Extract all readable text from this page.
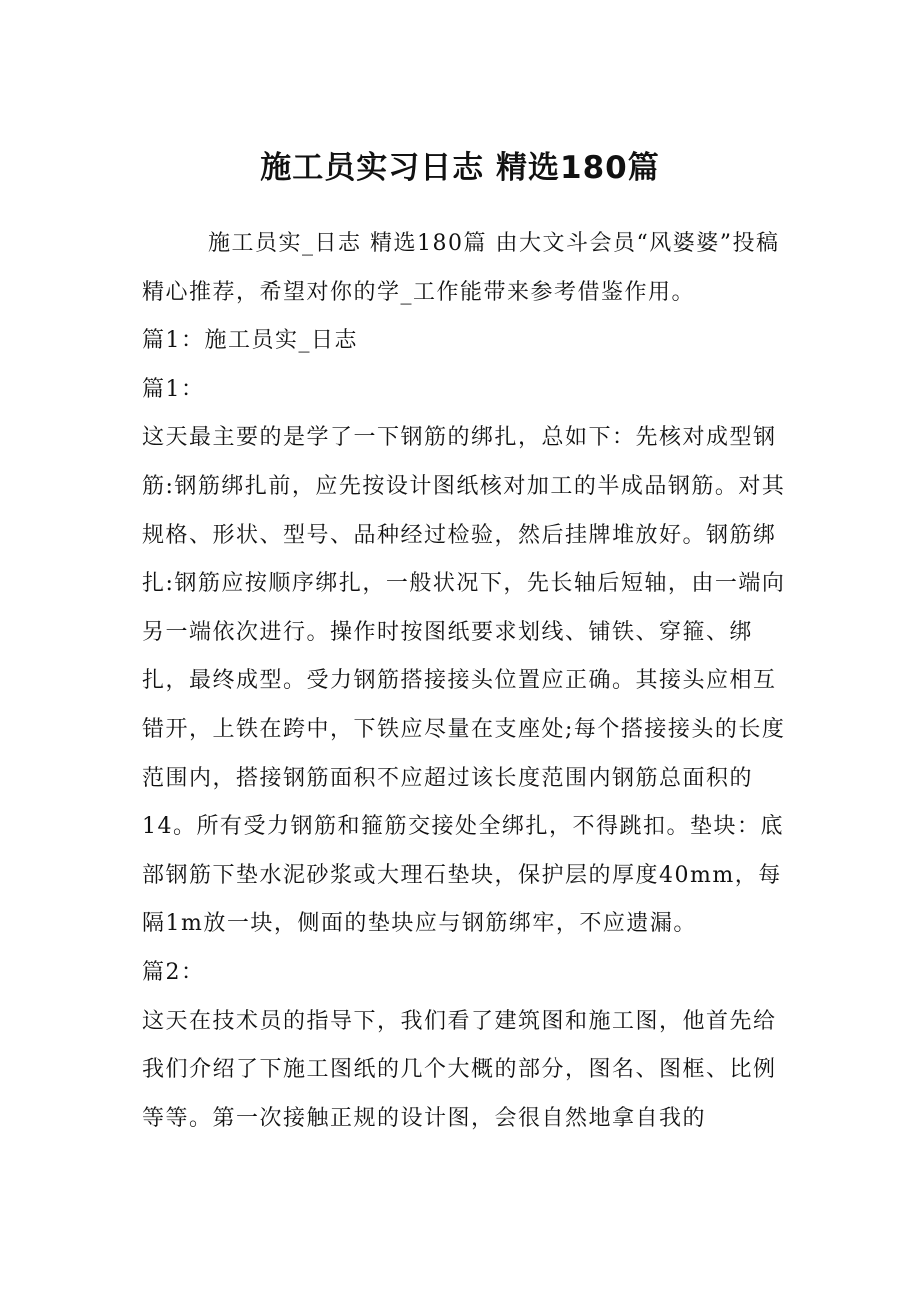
施工员实习日志 精选180篇

施工员实_日志 精选180篇 由大文斗会员“风婆婆”投稿精心推荐，希望对你的学_工作能带来参考借鉴作用。

篇1：施工员实_日志

篇1：

这天最主要的是学了一下钢筋的绑扎，总如下：先核对成型钢筋:钢筋绑扎前，应先按设计图纸核对加工的半成品钢筋。对其规格、形状、型号、品种经过检验，然后挂牌堆放好。钢筋绑扎:钢筋应按顺序绑扎，一般状况下，先长轴后短轴，由一端向另一端依次进行。操作时按图纸要求划线、铺铁、穿箍、绑扎，最终成型。受力钢筋搭接接头位置应正确。其接头应相互错开，上铁在跨中，下铁应尽量在支座处;每个搭接接头的长度范围内，搭接钢筋面积不应超过该长度范围内钢筋总面积的14。所有受力钢筋和箍筋交接处全绑扎，不得跳扣。垫块：底部钢筋下垫水泥砂浆或大理石垫块，保护层的厚度40mm，每隔1m放一块，侧面的垫块应与钢筋绑牢，不应遗漏。

篇2：

这天在技术员的指导下，我们看了建筑图和施工图，他首先给我们介绍了下施工图纸的几个大概的部分，图名、图框、比例等等。第一次接触正规的设计图，会很自然地拿自我的
